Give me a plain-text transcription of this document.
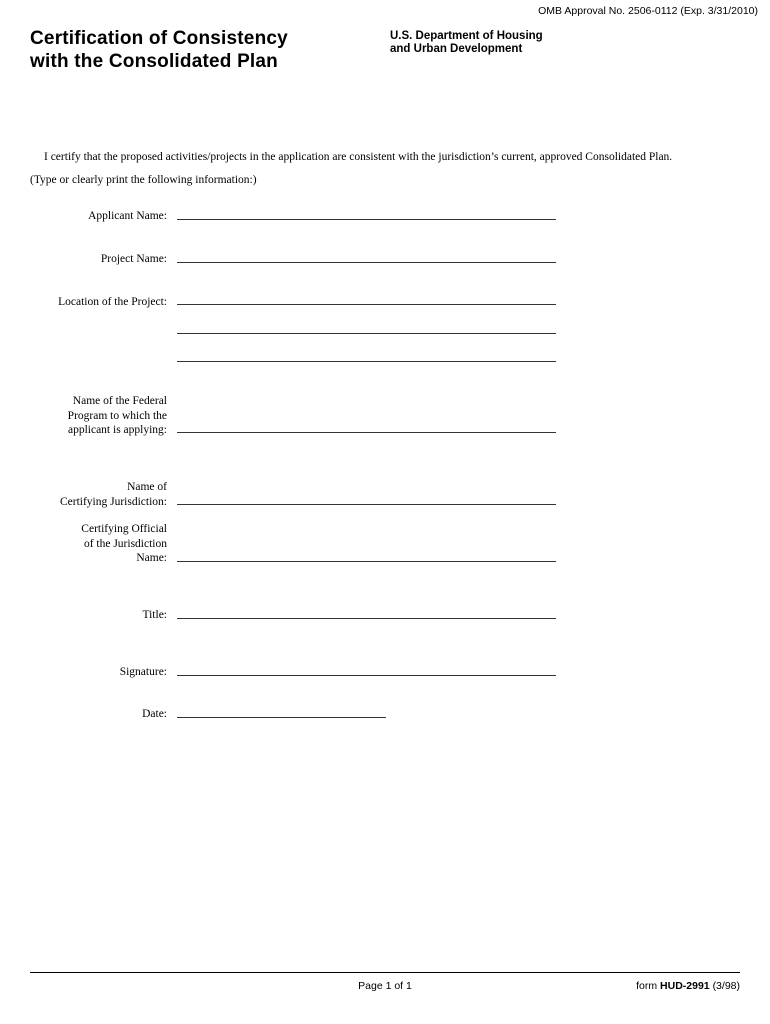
OMB Approval No. 2506-0112 (Exp. 3/31/2010)
Certification of Consistency
with the Consolidated Plan
U.S. Department of Housing
and Urban Development
I certify that the proposed activities/projects in the application are consistent with the jurisdiction’s current, approved Consolidated Plan.
(Type or clearly print the following information:)
Applicant Name:
Project Name:
Location of the Project:
Name of the Federal
Program to which the
applicant is applying:
Name of
Certifying Jurisdiction:
Certifying Official
of the Jurisdiction
Name:
Title:
Signature:
Date:
Page 1 of 1	form HUD-2991 (3/98)
